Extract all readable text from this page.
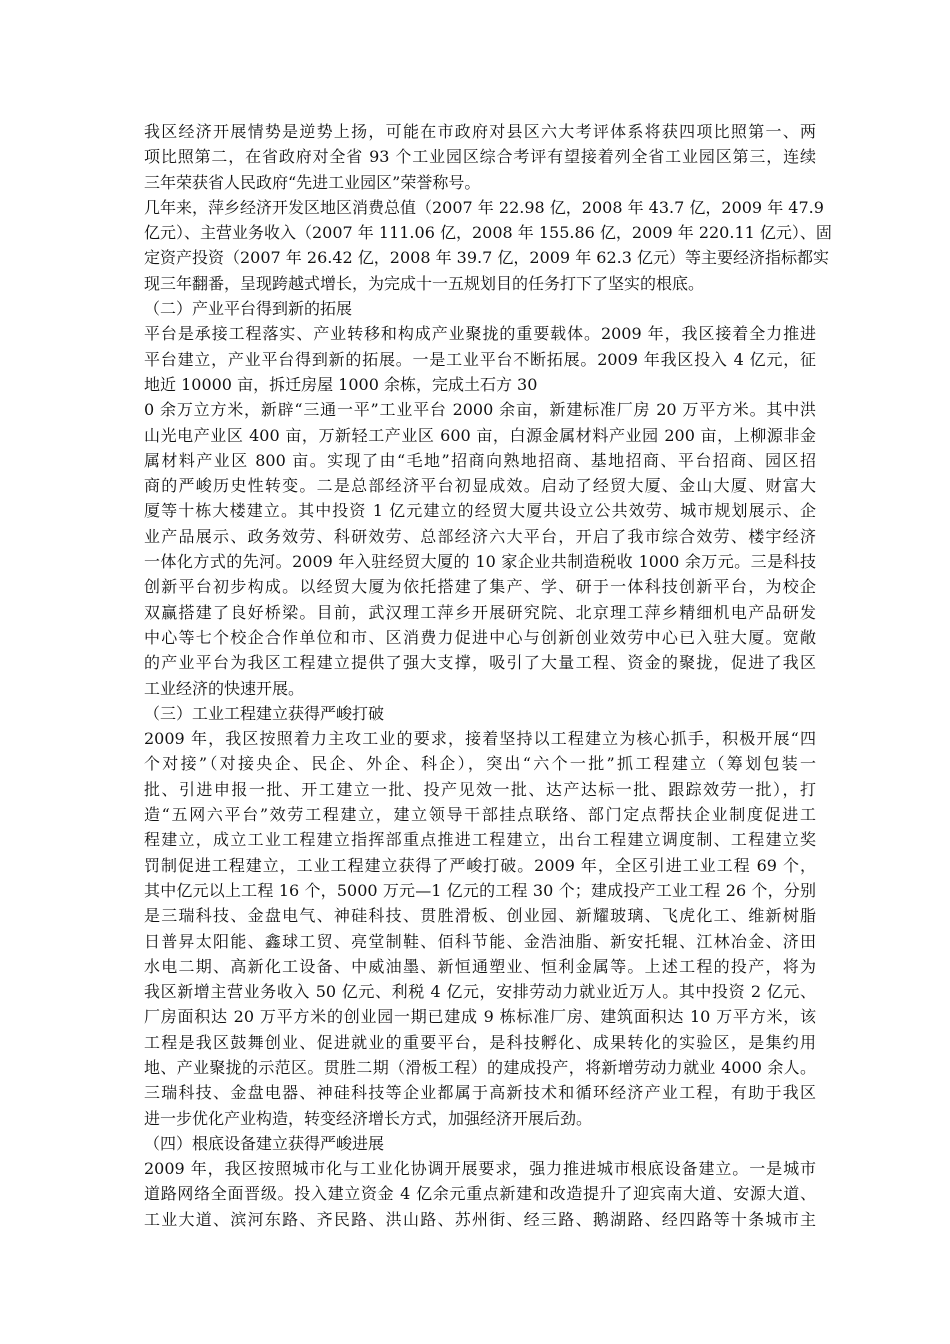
我区经济开展情势是逆势上扬，可能在市政府对县区六大考评体系将获四项比照第一、两
项比照第二，在省政府对全省 93 个工业园区综合考评有望接着列全省工业园区第三，连续
三年荣获省人民政府“先进工业园区”荣誉称号。
几年来，萍乡经济开发区地区消费总值（2007 年 22.98 亿，2008 年 43.7 亿，2009 年 47.9
亿元）、主营业务收入（2007 年 111.06 亿，2008 年 155.86 亿，2009 年 220.11 亿元）、固
定资产投资（2007 年 26.42 亿，2008 年 39.7 亿，2009 年 62.3 亿元）等主要经济指标都实
现三年翻番，呈现跨越式增长，为完成十一五规划目的任务打下了坚实的根底。
（二）产业平台得到新的拓展
平台是承接工程落实、产业转移和构成产业聚拢的重要载体。2009 年，我区接着全力推进
平台建立，产业平台得到新的拓展。一是工业平台不断拓展。2009 年我区投入 4 亿元，征
地近 10000 亩，拆迁房屋 1000 余栋，完成土石方 30
0 余万立方米，新辟“三通一平”工业平台 2000 余亩，新建标准厂房 20 万平方米。其中洪
山光电产业区 400 亩，万新轻工产业区 600 亩，白源金属材料产业园 200 亩，上柳源非金
属材料产业区 800 亩。实现了由“毛地”招商向熟地招商、基地招商、平台招商、园区招
商的严峻历史性转变。二是总部经济平台初显成效。启动了经贸大厦、金山大厦、财富大
厦等十栋大楼建立。其中投资 1 亿元建立的经贸大厦共设立公共效劳、城市规划展示、企
业产品展示、政务效劳、科研效劳、总部经济六大平台，开启了我市综合效劳、楼宇经济
一体化方式的先河。2009 年入驻经贸大厦的 10 家企业共制造税收 1000 余万元。三是科技
创新平台初步构成。以经贸大厦为依托搭建了集产、学、研于一体科技创新平台，为校企
双赢搭建了良好桥梁。目前，武汉理工萍乡开展研究院、北京理工萍乡精细机电产品研发
中心等七个校企合作单位和市、区消费力促进中心与创新创业效劳中心已入驻大厦。宽敞
的产业平台为我区工程建立提供了强大支撑，吸引了大量工程、资金的聚拢，促进了我区
工业经济的快速开展。
（三）工业工程建立获得严峻打破
2009 年，我区按照着力主攻工业的要求，接着坚持以工程建立为核心抓手，积极开展“四
个对接”（对接央企、民企、外企、科企），突出“六个一批”抓工程建立（筹划包装一
批、引进申报一批、开工建立一批、投产见效一批、达产达标一批、跟踪效劳一批），打
造“五网六平台”效劳工程建立，建立领导干部挂点联络、部门定点帮扶企业制度促进工
程建立，成立工业工程建立指挥部重点推进工程建立，出台工程建立调度制、工程建立奖
罚制促进工程建立，工业工程建立获得了严峻打破。2009 年，全区引进工业工程 69 个，
其中亿元以上工程 16 个，5000 万元—1 亿元的工程 30 个；建成投产工业工程 26 个，分别
是三瑞科技、金盘电气、神硅科技、贯胜滑板、创业园、新耀玻璃、飞虎化工、维新树脂
日普昇太阳能、鑫球工贸、亮堂制鞋、佰科节能、金浩油脂、新安托辊、江林冶金、济田
水电二期、高新化工设备、中威油墨、新恒通塑业、恒利金属等。上述工程的投产，将为
我区新增主营业务收入 50 亿元、利税 4 亿元，安排劳动力就业近万人。其中投资 2 亿元、
厂房面积达 20 万平方米的创业园一期已建成 9 栋标准厂房、建筑面积达 10 万平方米，该
工程是我区鼓舞创业、促进就业的重要平台，是科技孵化、成果转化的实验区，是集约用
地、产业聚拢的示范区。贯胜二期（滑板工程）的建成投产，将新增劳动力就业 4000 余人。
三瑞科技、金盘电器、神硅科技等企业都属于高新技术和循环经济产业工程，有助于我区
进一步优化产业构造，转变经济增长方式，加强经济开展后劲。
（四）根底设备建立获得严峻进展
2009 年，我区按照城市化与工业化协调开展要求，强力推进城市根底设备建立。一是城市
道路网络全面晋级。投入建立资金 4 亿余元重点新建和改造提升了迎宾南大道、安源大道、
工业大道、滨河东路、齐民路、洪山路、苏州街、经三路、鹅湖路、经四路等十条城市主
